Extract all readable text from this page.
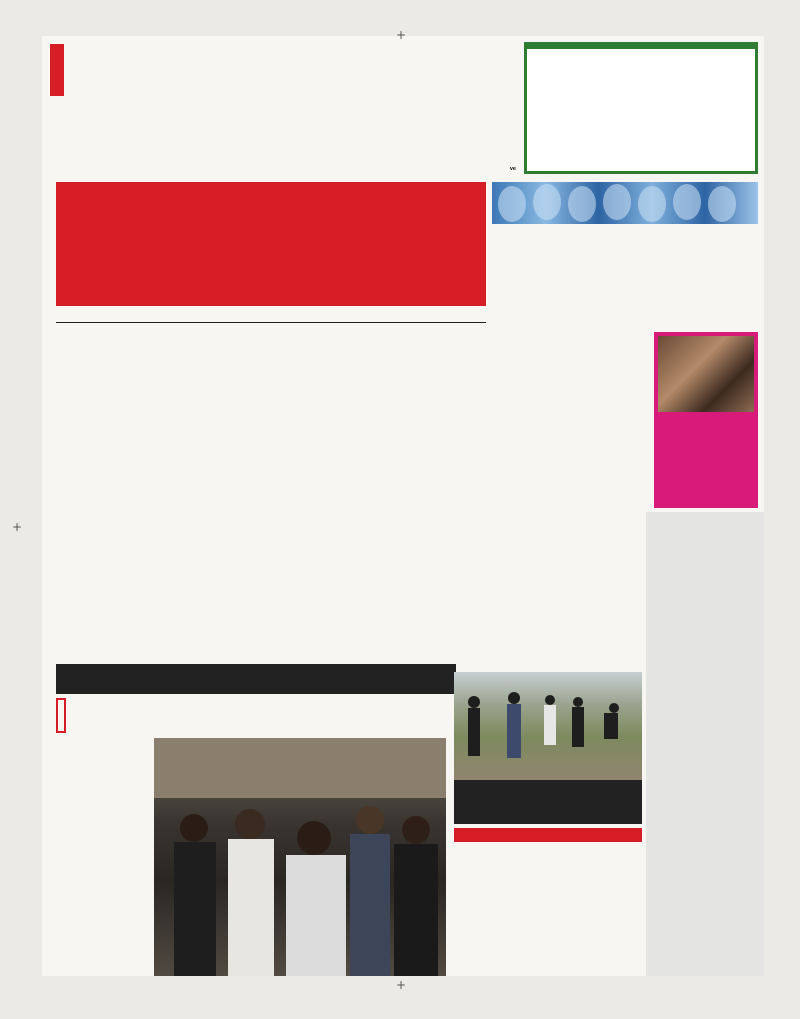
ve
+
+
+
